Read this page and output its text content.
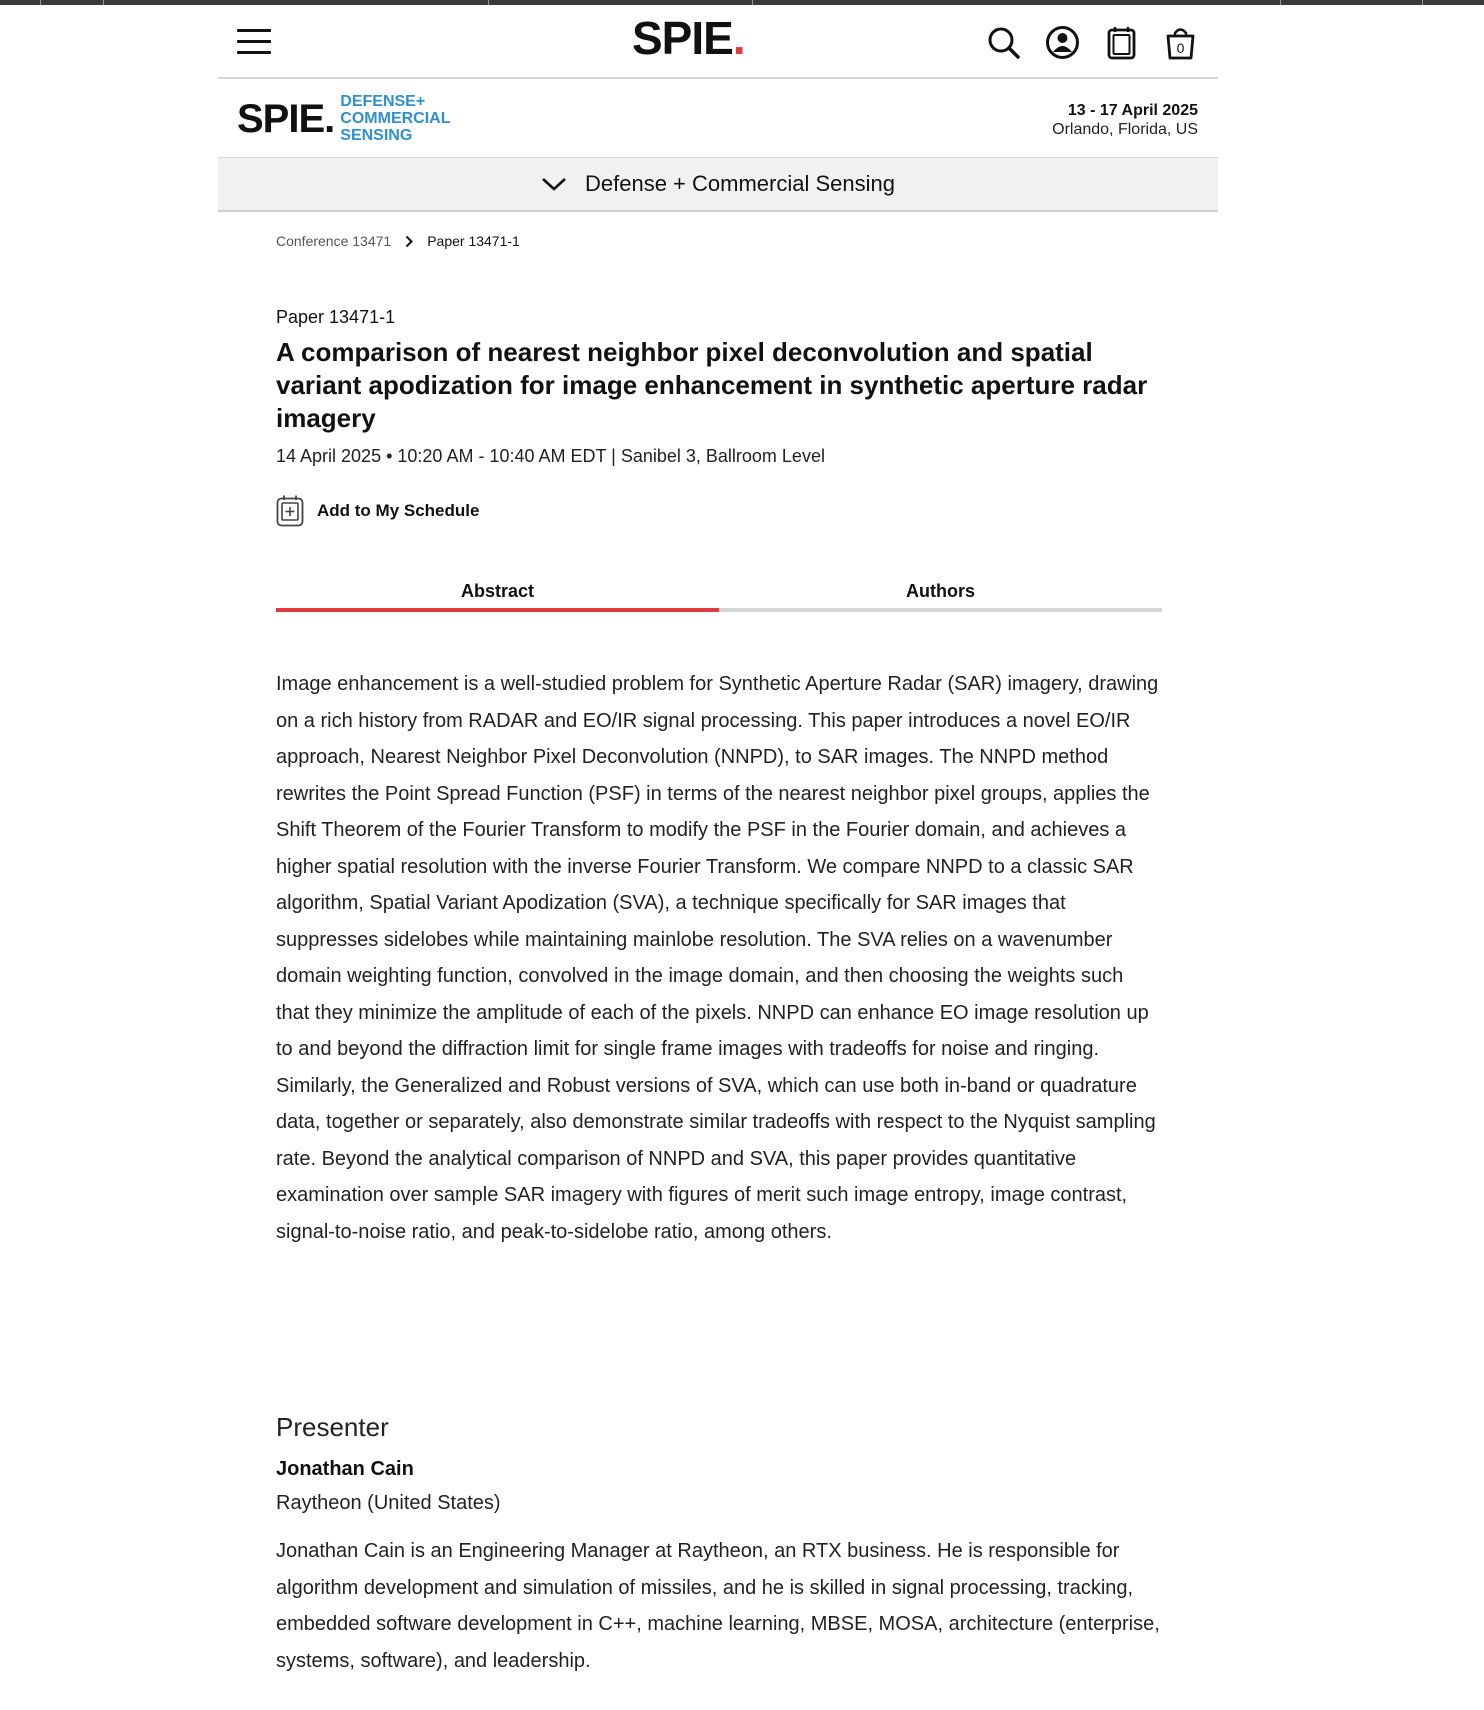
SPIE.	0
SPIE. DEFENSE+
COMMERCIAL
SENSING
13 - 17 April 2025
Orlando, Florida, US
Defense + Commercial Sensing
Conference 13471	Paper 13471-1
Paper 13471-1
A comparison of nearest neighbor pixel deconvolution and spatial variant apodization for image enhancement in synthetic aperture radar imagery
14 April 2025 • 10:20 AM - 10:40 AM EDT | Sanibel 3, Ballroom Level
Add to My Schedule
Abstract	Authors

Image enhancement is a well-studied problem for Synthetic Aperture Radar (SAR) imagery, drawing on a rich history from RADAR and EO/IR signal processing. This paper introduces a novel EO/IR approach, Nearest Neighbor Pixel Deconvolution (NNPD), to SAR images. The NNPD method rewrites the Point Spread Function (PSF) in terms of the nearest neighbor pixel groups, applies the Shift Theorem of the Fourier Transform to modify the PSF in the Fourier domain, and achieves a higher spatial resolution with the inverse Fourier Transform. We compare NNPD to a classic SAR algorithm, Spatial Variant Apodization (SVA), a technique specifically for SAR images that suppresses sidelobes while maintaining mainlobe resolution. The SVA relies on a wavenumber domain weighting function, convolved in the image domain, and then choosing the weights such that they minimize the amplitude of each of the pixels. NNPD can enhance EO image resolution up to and beyond the diffraction limit for single frame images with tradeoffs for noise and ringing. Similarly, the Generalized and Robust versions of SVA, which can use both in-band or quadrature data, together or separately, also demonstrate similar tradeoffs with respect to the Nyquist sampling rate. Beyond the analytical comparison of NNPD and SVA, this paper provides quantitative examination over sample SAR imagery with figures of merit such image entropy, image contrast, signal-to-noise ratio, and peak-to-sidelobe ratio, among others.

Presenter
Jonathan Cain
Raytheon (United States)

Jonathan Cain is an Engineering Manager at Raytheon, an RTX business. He is responsible for algorithm development and simulation of missiles, and he is skilled in signal processing, tracking, embedded software development in C++, machine learning, MBSE, MOSA, architecture (enterprise, systems, software), and leadership.
